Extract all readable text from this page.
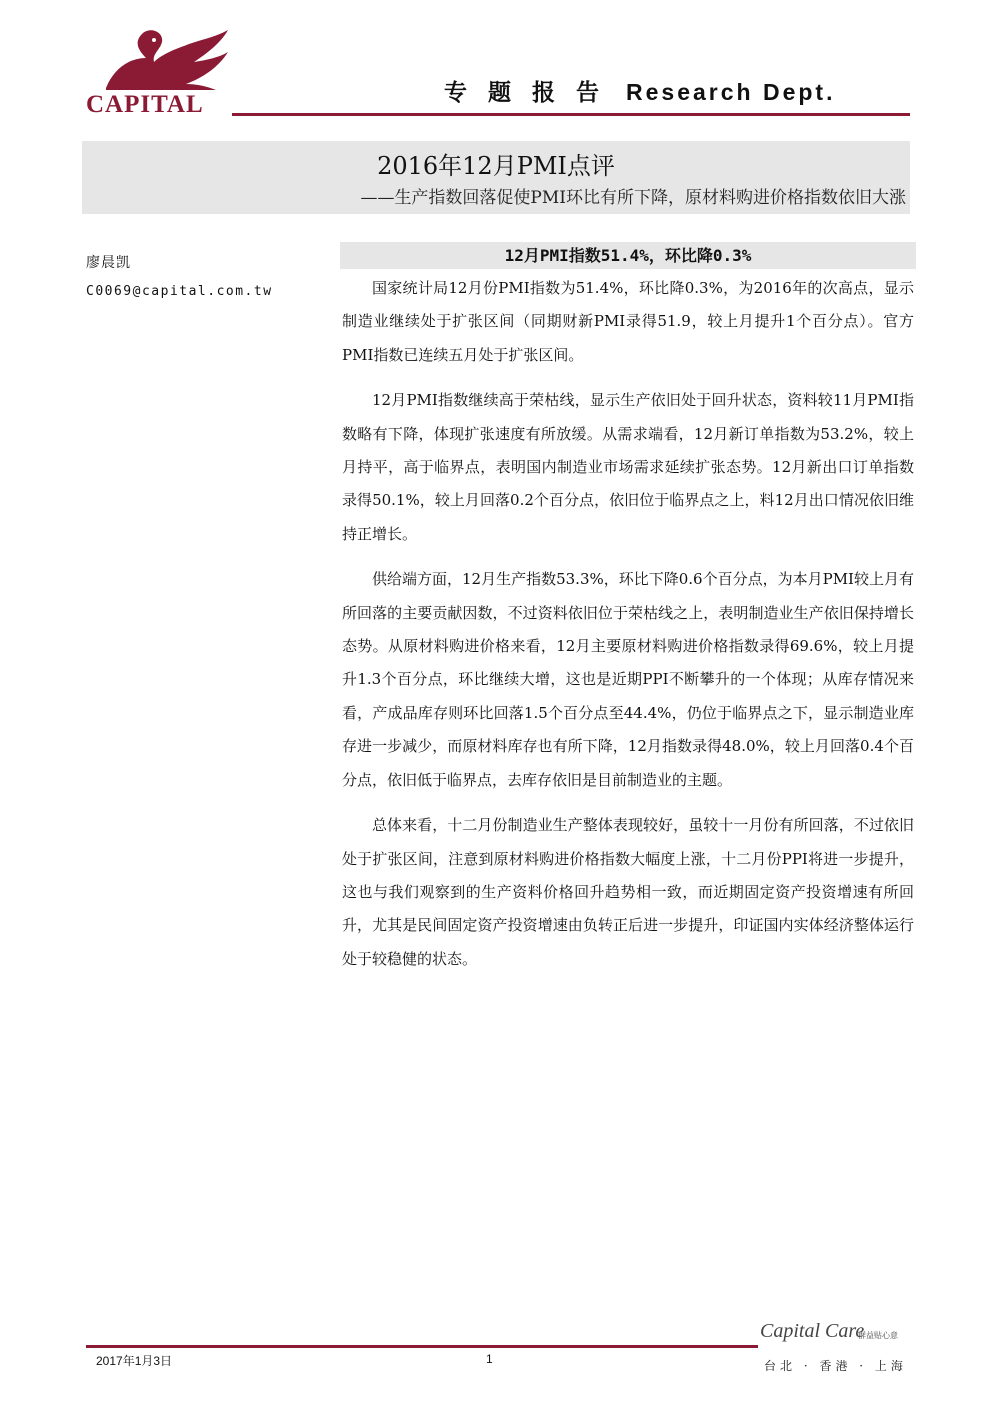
CAPITAL	专题报告 Research Dept.
2016年12月PMI点评
——生产指数回落促使PMI环比有所下降，原材料购进价格指数依旧大涨
廖晨凯
C0069@capital.com.tw
12月PMI指数51.4%，环比降0.3%

国家统计局12月份PMI指数为51.4%，环比降0.3%，为2016年的次高点，显示制造业继续处于扩张区间（同期财新PMI录得51.9，较上月提升1个百分点）。官方PMI指数已连续五月处于扩张区间。

12月PMI指数继续高于荣枯线，显示生产依旧处于回升状态，资料较11月PMI指数略有下降，体现扩张速度有所放缓。从需求端看，12月新订单指数为53.2%，较上月持平，高于临界点，表明国内制造业市场需求延续扩张态势。12月新出口订单指数录得50.1%，较上月回落0.2个百分点，依旧位于临界点之上，料12月出口情况依旧维持正增长。

供给端方面，12月生产指数53.3%，环比下降0.6个百分点，为本月PMI较上月有所回落的主要贡献因数，不过资料依旧位于荣枯线之上，表明制造业生产依旧保持增长态势。从原材料购进价格来看，12月主要原材料购进价格指数录得69.6%，较上月提升1.3个百分点，环比继续大增，这也是近期PPI不断攀升的一个体现；从库存情况来看，产成品库存则环比回落1.5个百分点至44.4%，仍位于临界点之下，显示制造业库存进一步减少，而原材料库存也有所下降，12月指数录得48.0%，较上月回落0.4个百分点，依旧低于临界点，去库存依旧是目前制造业的主题。

总体来看，十二月份制造业生产整体表现较好，虽较十一月份有所回落，不过依旧处于扩张区间，注意到原材料购进价格指数大幅度上涨，十二月份PPI将进一步提升，这也与我们观察到的生产资料价格回升趋势相一致，而近期固定资产投资增速有所回升，尤其是民间固定资产投资增速由负转正后进一步提升，印证国内实体经济整体运行处于较稳健的状态。

2017年1月3日	1
Capital Care
群益贴心意
台北 · 香港 · 上海
